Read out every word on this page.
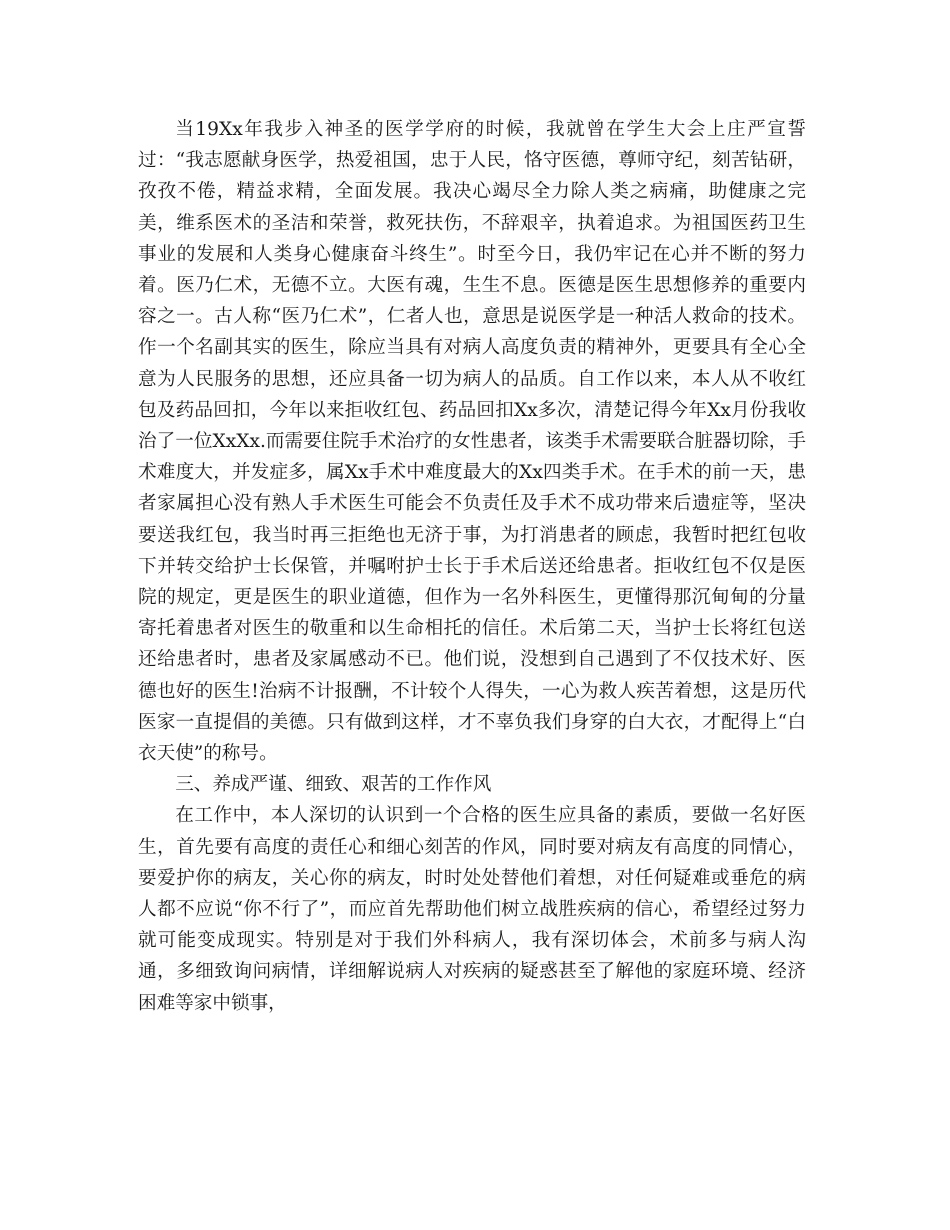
当19Xx年我步入神圣的医学学府的时候，我就曾在学生大会上庄严宣誓过：“我志愿献身医学，热爱祖国，忠于人民，恪守医德，尊师守纪，刻苦钻研，孜孜不倦，精益求精，全面发展。我决心竭尽全力除人类之病痛，助健康之完美，维系医术的圣洁和荣誉，救死扶伤，不辞艰辛，执着追求。为祖国医药卫生事业的发展和人类身心健康奋斗终生”。时至今日，我仍牢记在心并不断的努力着。医乃仁术，无德不立。大医有魂，生生不息。医德是医生思想修养的重要内容之一。古人称“医乃仁术”，仁者人也，意思是说医学是一种活人救命的技术。作一个名副其实的医生，除应当具有对病人高度负责的精神外，更要具有全心全意为人民服务的思想，还应具备一切为病人的品质。自工作以来，本人从不收红包及药品回扣，今年以来拒收红包、药品回扣Xx多次，清楚记得今年Xx月份我收治了一位XxXx.而需要住院手术治疗的女性患者，该类手术需要联合脏器切除，手术难度大，并发症多，属Xx手术中难度最大的Xx四类手术。在手术的前一天，患者家属担心没有熟人手术医生可能会不负责任及手术不成功带来后遗症等，坚决要送我红包，我当时再三拒绝也无济于事，为打消患者的顾虑，我暂时把红包收下并转交给护士长保管，并嘱咐护士长于手术后送还给患者。拒收红包不仅是医院的规定，更是医生的职业道德，但作为一名外科医生，更懂得那沉甸甸的分量寄托着患者对医生的敬重和以生命相托的信任。术后第二天，当护士长将红包送还给患者时，患者及家属感动不已。他们说，没想到自己遇到了不仅技术好、医德也好的医生!治病不计报酬，不计较个人得失，一心为救人疾苦着想，这是历代医家一直提倡的美德。只有做到这样，才不辜负我们身穿的白大衣，才配得上“白衣天使”的称号。

三、养成严谨、细致、艰苦的工作作风

在工作中，本人深切的认识到一个合格的医生应具备的素质，要做一名好医生，首先要有高度的责任心和细心刻苦的作风，同时要对病友有高度的同情心，要爱护你的病友，关心你的病友，时时处处替他们着想，对任何疑难或垂危的病人都不应说“你不行了”，而应首先帮助他们树立战胜疾病的信心，希望经过努力就可能变成现实。特别是对于我们外科病人，我有深切体会，术前多与病人沟通，多细致询问病情，详细解说病人对疾病的疑惑甚至了解他的家庭环境、经济困难等家中锁事，
